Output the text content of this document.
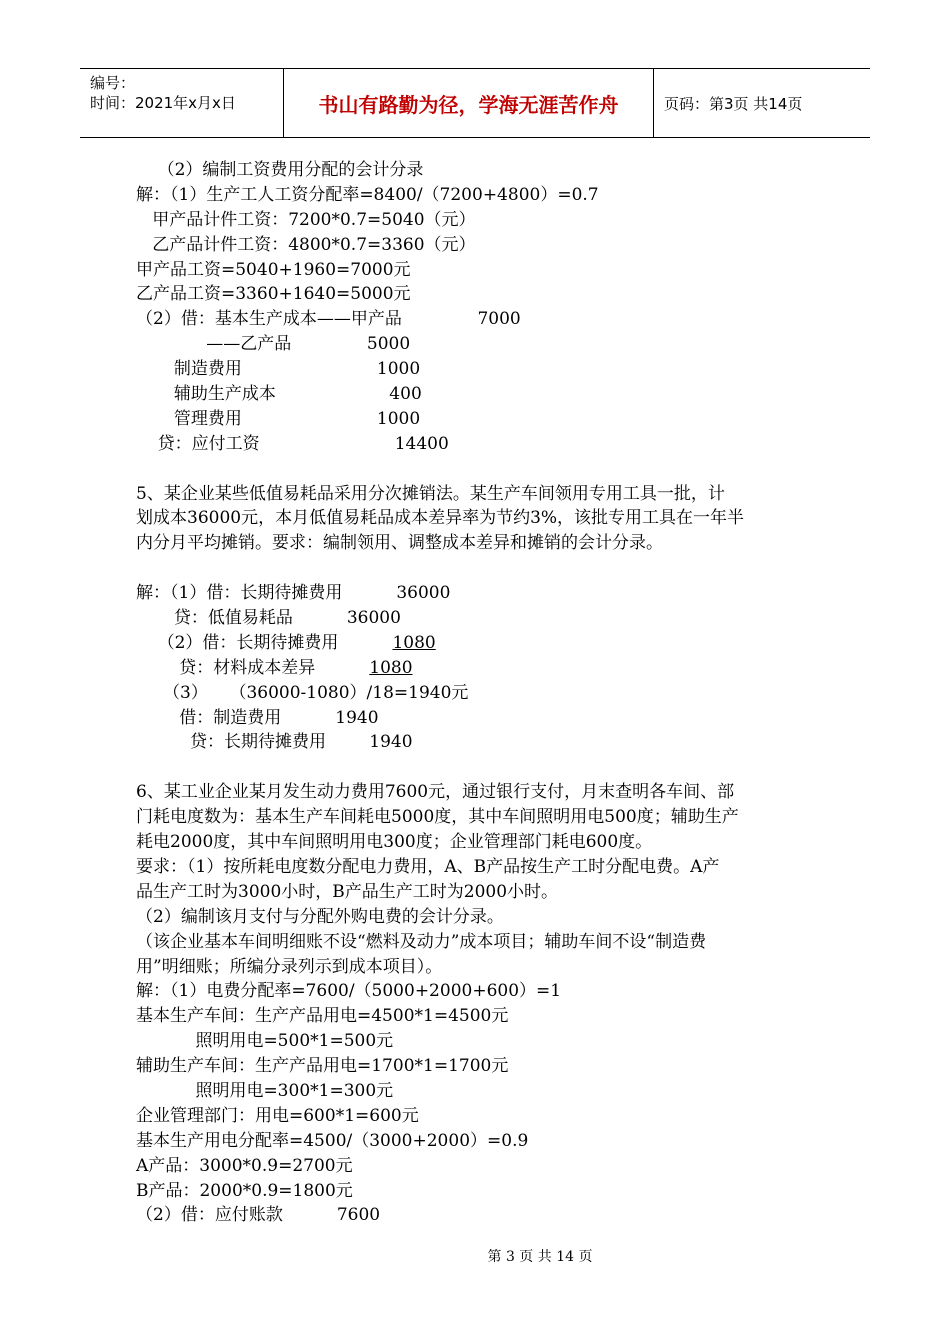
编号：
时间：2021年x月x日	书山有路勤为径，学海无涯苦作舟	页码：第3页 共14页
（2）编制工资费用分配的会计分录
解：（1）生产工人工资分配率=8400/（7200+4800）=0.7
甲产品计件工资：7200*0.7=5040（元）
乙产品计件工资：4800*0.7=3360（元）
甲产品工资=5040+1960=7000元
乙产品工资=3360+1640=5000元
（2）借：基本生产成本——甲产品              7000
——乙产品              5000
制造费用                         1000
辅助生产成本                     400
管理费用                         1000
贷：应付工资                         14400
5、某企业某些低值易耗品采用分次摊销法。某生产车间领用专用工具一批，计
划成本36000元，本月低值易耗品成本差异率为节约3%，该批专用工具在一年半
内分月平均摊销。要求：编制领用、调整成本差异和摊销的会计分录。
解：（1）借：长期待摊费用          36000
贷：低值易耗品          36000
（2）借：长期待摊费用          1080
贷：材料成本差异          1080
（3）    （36000-1080）/18=1940元
借：制造费用          1940
贷：长期待摊费用        1940
6、某工业企业某月发生动力费用7600元，通过银行支付，月末查明各车间、部
门耗电度数为：基本生产车间耗电5000度，其中车间照明用电500度；辅助生产
耗电2000度，其中车间照明用电300度；企业管理部门耗电600度。
要求：（1）按所耗电度数分配电力费用，A、B产品按生产工时分配电费。A产
品生产工时为3000小时，B产品生产工时为2000小时。
（2）编制该月支付与分配外购电费的会计分录。
（该企业基本车间明细账不设“燃料及动力”成本项目；辅助车间不设“制造费
用”明细账；所编分录列示到成本项目）。
解：（1）电费分配率=7600/（5000+2000+600）=1
基本生产车间：生产产品用电=4500*1=4500元
照明用电=500*1=500元
辅助生产车间：生产产品用电=1700*1=1700元
照明用电=300*1=300元
企业管理部门：用电=600*1=600元
基本生产用电分配率=4500/（3000+2000）=0.9
A产品：3000*0.9=2700元
B产品：2000*0.9=1800元
（2）借：应付账款          7600
第 3 页 共 14 页
